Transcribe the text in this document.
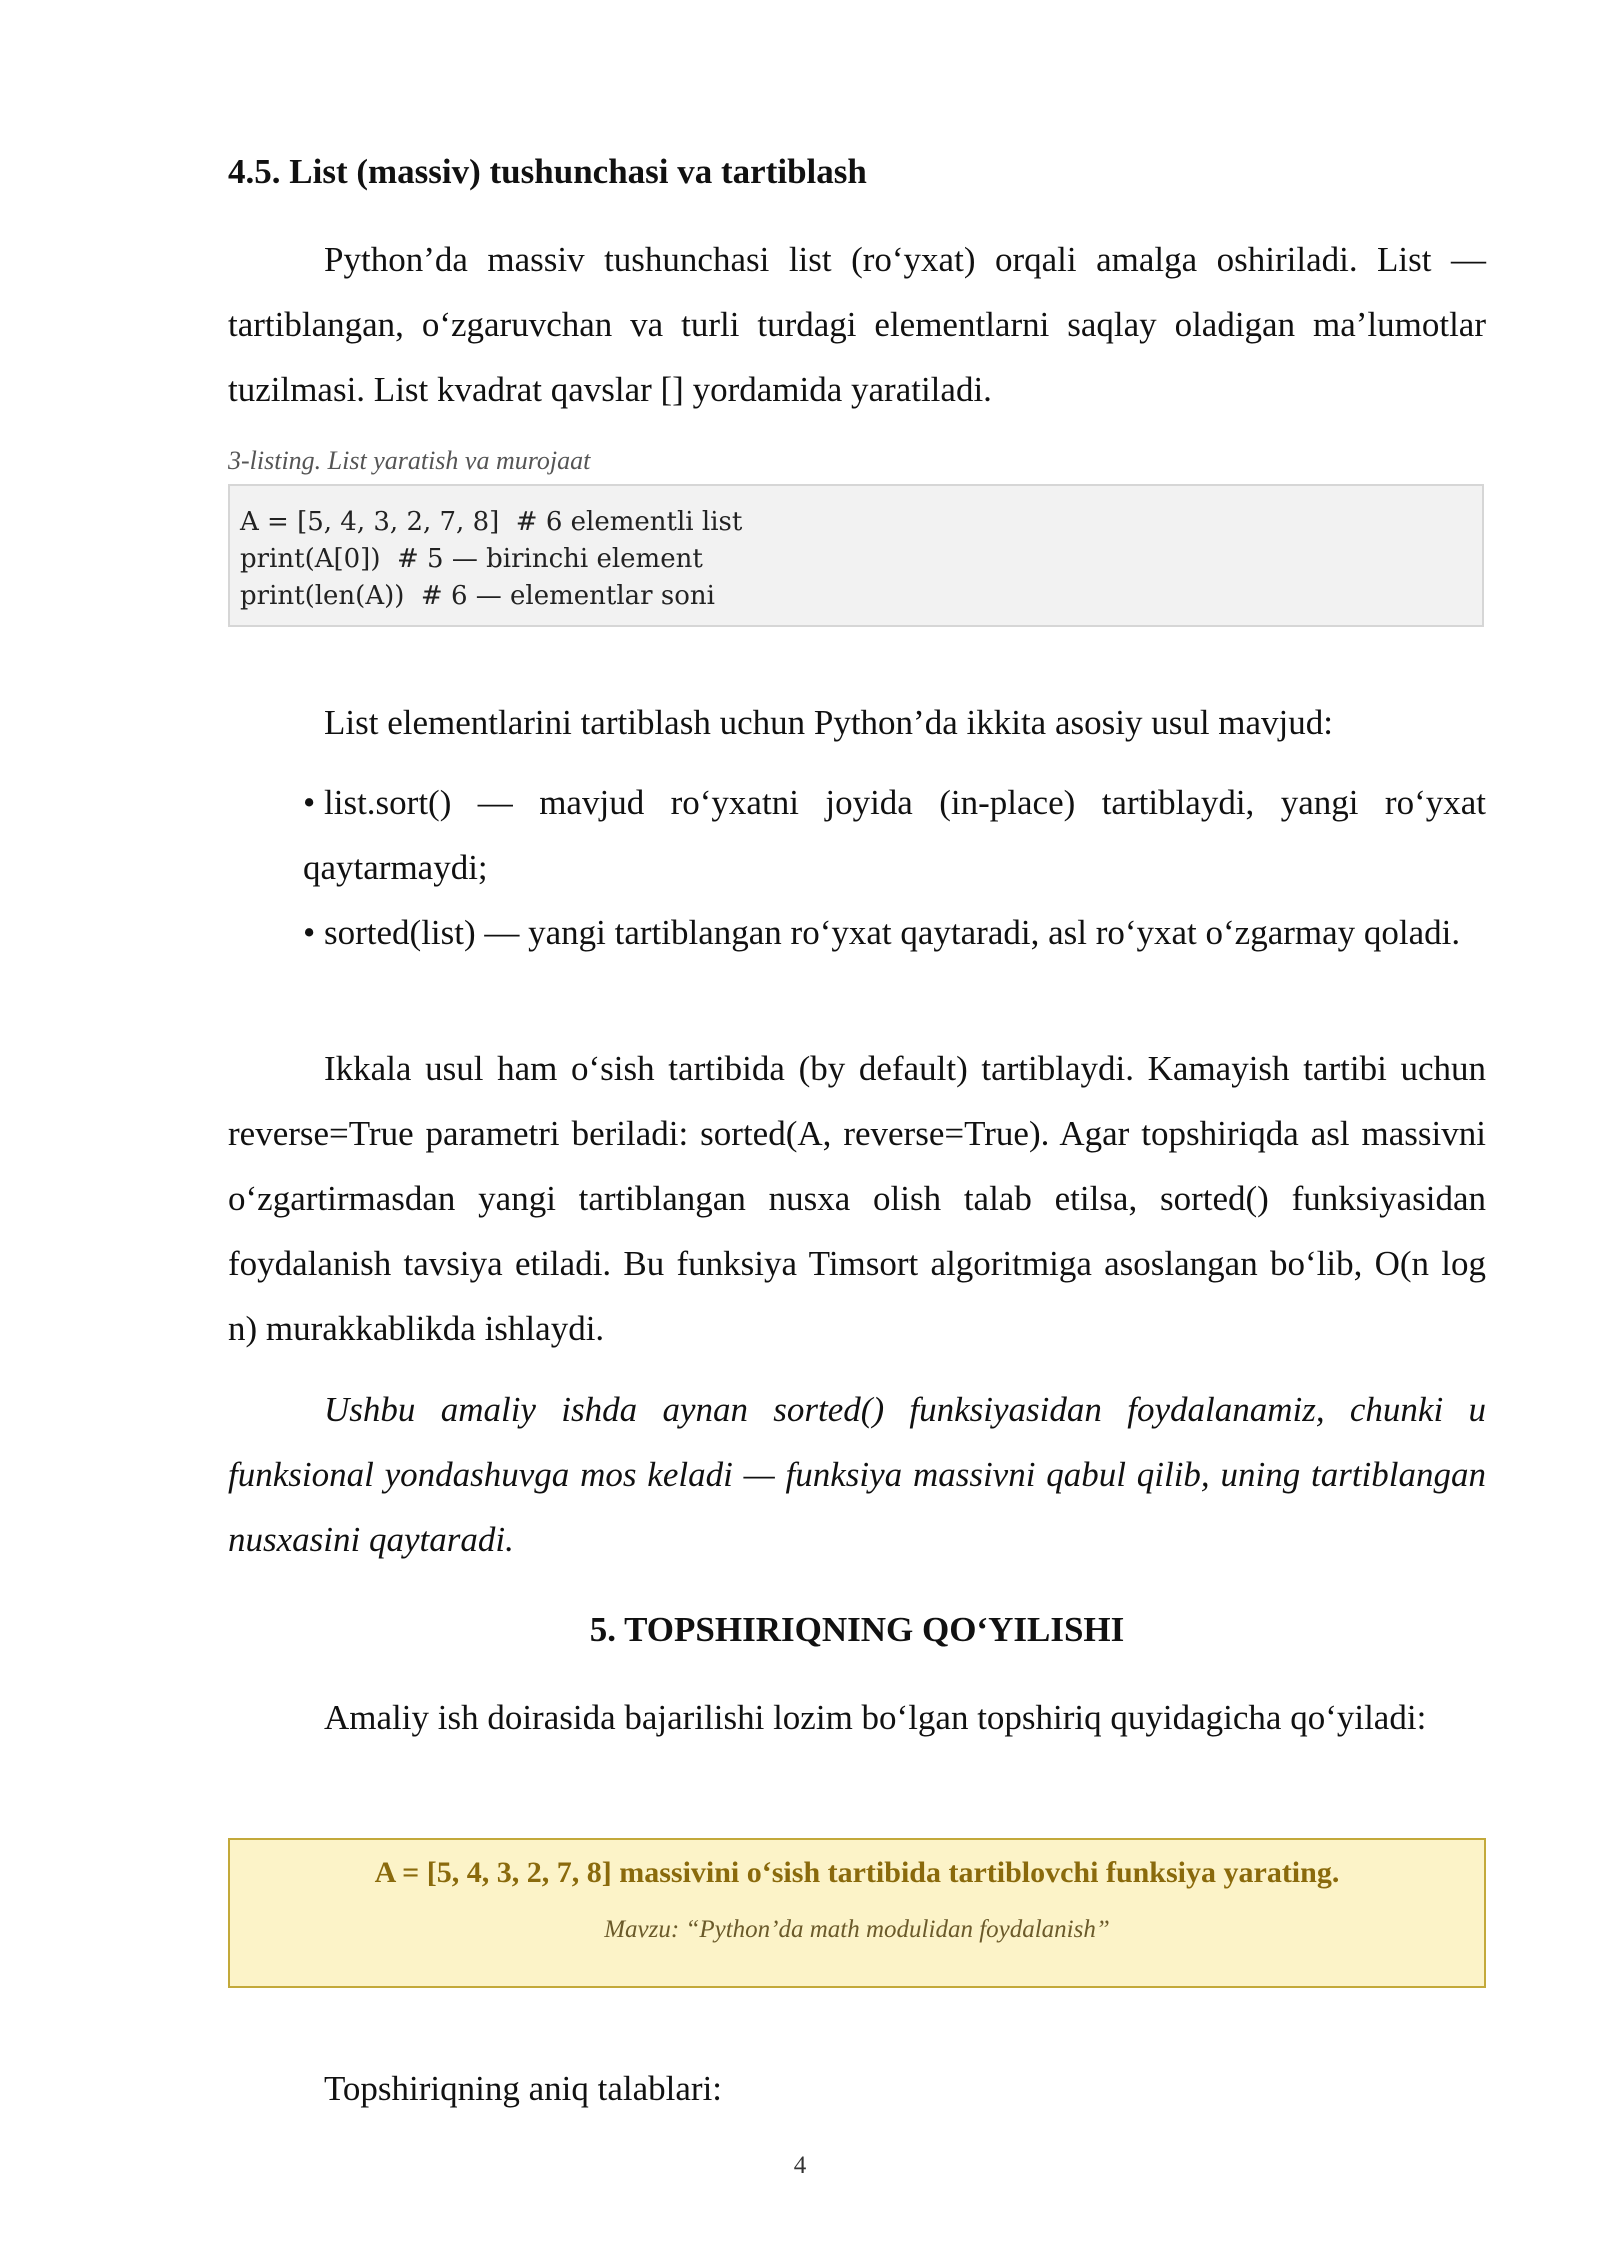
4.5. List (massiv) tushunchasi va tartiblash

Python’da massiv tushunchasi list (ro‘yxat) orqali amalga oshiriladi. List — tartiblangan, o‘zgaruvchan va turli turdagi elementlarni saqlay oladigan ma’lumotlar tuzilmasi. List kvadrat qavslar [] yordamida yaratiladi.

3-listing. List yaratish va murojaat
A = [5, 4, 3, 2, 7, 8]  # 6 elementli list
print(A[0])  # 5 — birinchi element
print(len(A))  # 6 — elementlar soni

List elementlarini tartiblash uchun Python’da ikkita asosiy usul mavjud:

• list.sort() — mavjud ro‘yxatni joyida (in-place) tartiblaydi, yangi ro‘yxat qaytarmaydi;

• sorted(list) — yangi tartiblangan ro‘yxat qaytaradi, asl ro‘yxat o‘zgarmay qoladi.

Ikkala usul ham o‘sish tartibida (by default) tartiblaydi. Kamayish tartibi uchun reverse=True parametri beriladi: sorted(A, reverse=True). Agar topshiriqda asl massivni o‘zgartirmasdan yangi tartiblangan nusxa olish talab etilsa, sorted() funksiyasidan foydalanish tavsiya etiladi. Bu funksiya Timsort algoritmiga asoslangan bo‘lib, O(n log n) murakkablikda ishlaydi.

Ushbu amaliy ishda aynan sorted() funksiyasidan foydalanamiz, chunki u funksional yondashuvga mos keladi — funksiya massivni qabul qilib, uning tartiblangan nusxasini qaytaradi.

5. TOPSHIRIQNING QO‘YILISHI

Amaliy ish doirasida bajarilishi lozim bo‘lgan topshiriq quyidagicha qo‘yiladi:

A = [5, 4, 3, 2, 7, 8] massivini o‘sish tartibida tartiblovchi funksiya yarating.
Mavzu: “Python’da math modulidan foydalanish”

Topshiriqning aniq talablari:

4
